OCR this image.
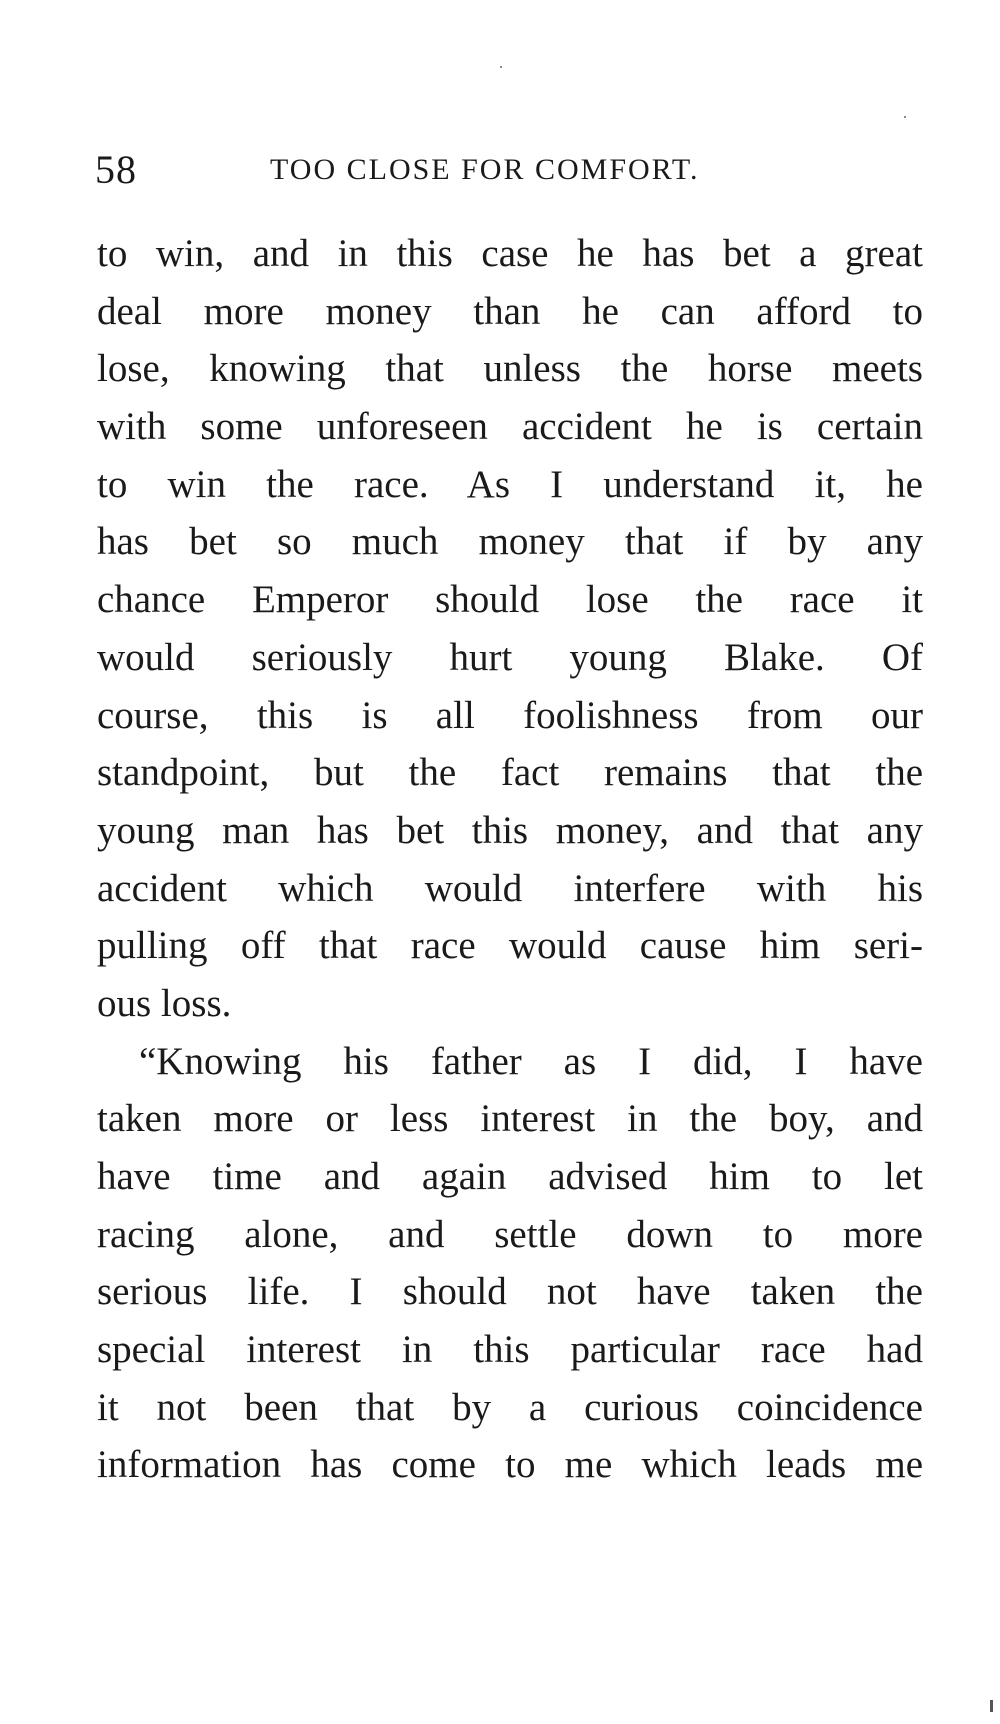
58	TOO CLOSE FOR COMFORT.
to win, and in this case he has bet a great
deal more money than he can afford to
lose, knowing that unless the horse meets
with some unforeseen accident he is certain
to win the race. As I understand it, he
has bet so much money that if by any
chance Emperor should lose the race it
would seriously hurt young Blake. Of
course, this is all foolishness from our
standpoint, but the fact remains that the
young man has bet this money, and that any
accident which would interfere with his
pulling off that race would cause him seri-
ous loss.
“Knowing his father as I did, I have
taken more or less interest in the boy, and
have time and again advised him to let
racing alone, and settle down to more
serious life. I should not have taken the
special interest in this particular race had
it not been that by a curious coincidence
information has come to me which leads me
